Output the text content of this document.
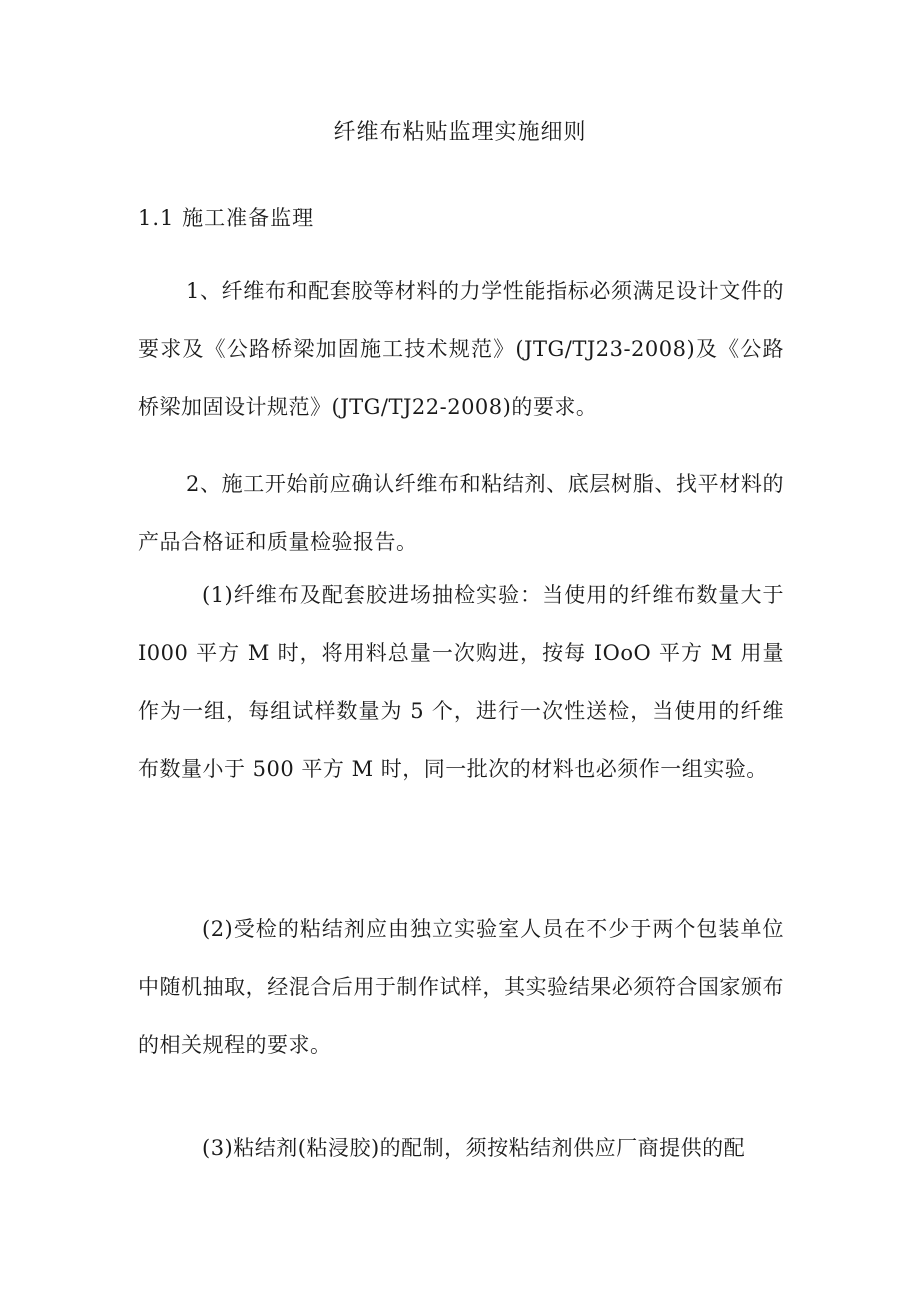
纤维布粘贴监理实施细则
1.1 施工准备监理
1、纤维布和配套胶等材料的力学性能指标必须满足设计文件的要求及《公路桥梁加固施工技术规范》(JTG/TJ23-2008)及《公路桥梁加固设计规范》(JTG/TJ22-2008)的要求。
2、施工开始前应确认纤维布和粘结剂、底层树脂、找平材料的产品合格证和质量检验报告。
(1)纤维布及配套胶进场抽检实验：当使用的纤维布数量大于 I000 平方 M 时，将用料总量一次购进，按每 IOoO 平方 M 用量作为一组，每组试样数量为 5 个，进行一次性送检，当使用的纤维布数量小于 500 平方 M 时，同一批次的材料也必须作一组实验。
(2)受检的粘结剂应由独立实验室人员在不少于两个包装单位中随机抽取，经混合后用于制作试样，其实验结果必须符合国家颁布的相关规程的要求。
(3)粘结剂(粘浸胶)的配制，须按粘结剂供应厂商提供的配
